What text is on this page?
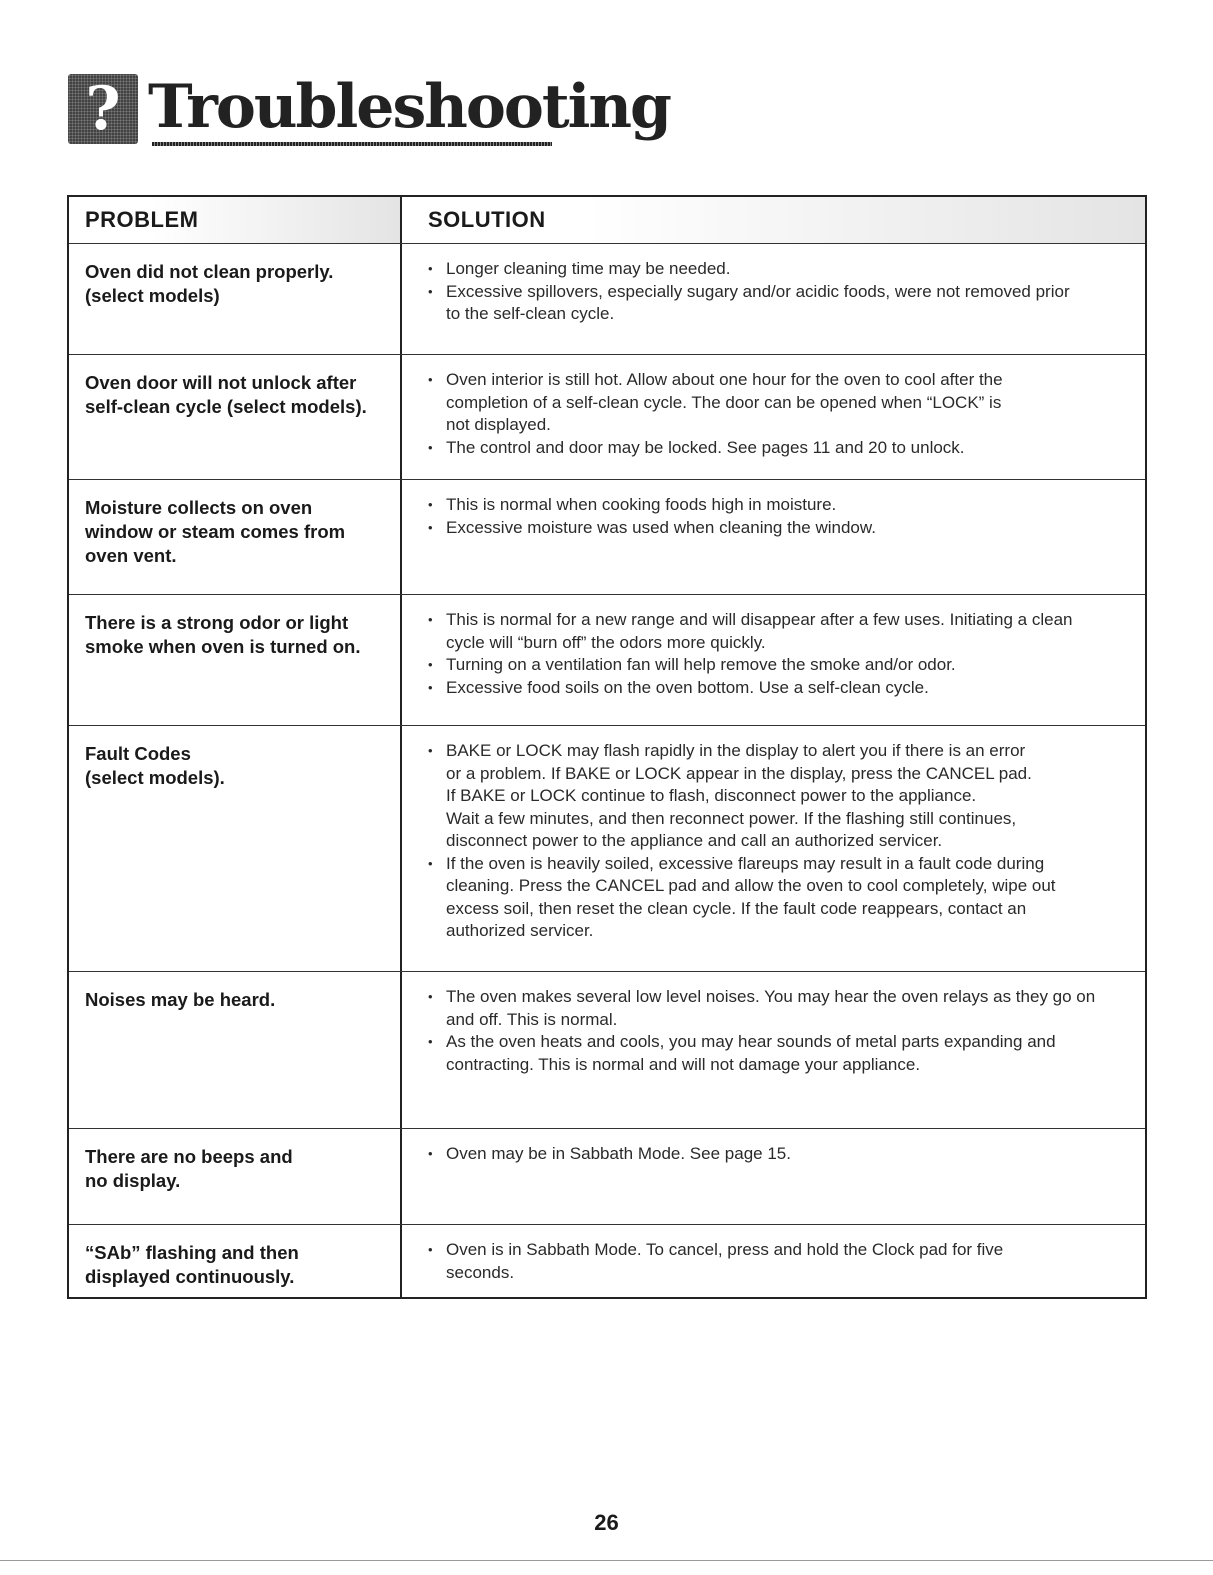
? Troubleshooting
PROBLEM	SOLUTION
Oven did not clean properly.
(select models)
• Longer cleaning time may be needed.
• Excessive spillovers, especially sugary and/or acidic foods, were not removed prior
to the self-clean cycle.
Oven door will not unlock after
self-clean cycle (select models).
• Oven interior is still hot. Allow about one hour for the oven to cool after the
completion of a self-clean cycle. The door can be opened when “LOCK” is
not displayed.
• The control and door may be locked. See pages 11 and 20 to unlock.
Moisture collects on oven
window or steam comes from
oven vent.
• This is normal when cooking foods high in moisture.
• Excessive moisture was used when cleaning the window.
There is a strong odor or light
smoke when oven is turned on.
• This is normal for a new range and will disappear after a few uses. Initiating a clean
cycle will “burn off” the odors more quickly.
• Turning on a ventilation fan will help remove the smoke and/or odor.
• Excessive food soils on the oven bottom. Use a self-clean cycle.
Fault Codes
(select models).
• BAKE or LOCK may flash rapidly in the display to alert you if there is an error
or a problem. If BAKE or LOCK appear in the display, press the CANCEL pad.
If BAKE or LOCK continue to flash, disconnect power to the appliance.
Wait a few minutes, and then reconnect power. If the flashing still continues,
disconnect power to the appliance and call an authorized servicer.
• If the oven is heavily soiled, excessive flareups may result in a fault code during
cleaning. Press the CANCEL pad and allow the oven to cool completely, wipe out
excess soil, then reset the clean cycle. If the fault code reappears, contact an
authorized servicer.
Noises may be heard.
•	The oven makes several low level noises. You may hear the oven relays as they go on
and off. This is normal.
• As the oven heats and cools, you may hear sounds of metal parts expanding and
contracting. This is normal and will not damage your appliance.
There are no beeps and
no display.
• Oven may be in Sabbath Mode. See page 15.
“SAb” flashing and then
displayed continuously.
• Oven is in Sabbath Mode. To cancel, press and hold the Clock pad for five
seconds.
26
